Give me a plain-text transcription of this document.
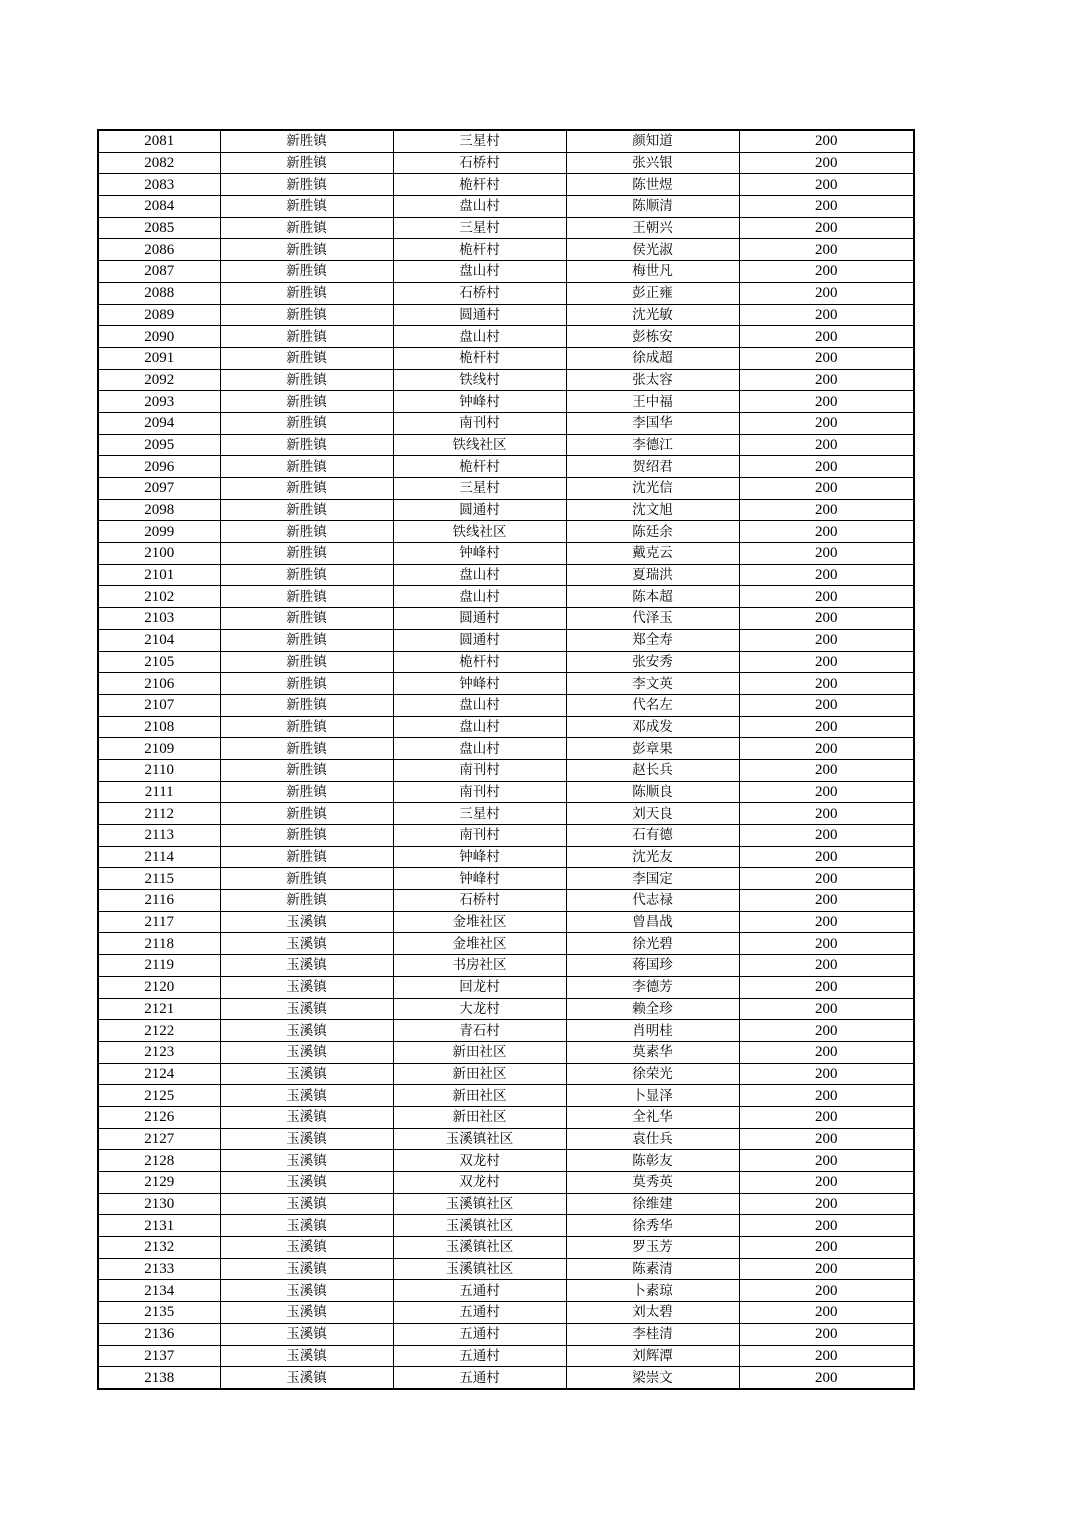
2081	新胜镇	三星村	颜知道	200
2082	新胜镇	石桥村	张兴银	200
2083	新胜镇	桅杆村	陈世煜	200
2084	新胜镇	盘山村	陈顺清	200
2085	新胜镇	三星村	王朝兴	200
2086	新胜镇	桅杆村	侯光淑	200
2087	新胜镇	盘山村	梅世凡	200
2088	新胜镇	石桥村	彭正雍	200
2089	新胜镇	圆通村	沈光敏	200
2090	新胜镇	盘山村	彭栋安	200
2091	新胜镇	桅杆村	徐成超	200
2092	新胜镇	铁线村	张太容	200
2093	新胜镇	钟峰村	王中福	200
2094	新胜镇	南刊村	李国华	200
2095	新胜镇	铁线社区	李德江	200
2096	新胜镇	桅杆村	贺绍君	200
2097	新胜镇	三星村	沈光信	200
2098	新胜镇	圆通村	沈文旭	200
2099	新胜镇	铁线社区	陈廷余	200
2100	新胜镇	钟峰村	戴克云	200
2101	新胜镇	盘山村	夏瑞洪	200
2102	新胜镇	盘山村	陈本超	200
2103	新胜镇	圆通村	代泽玉	200
2104	新胜镇	圆通村	郑全寿	200
2105	新胜镇	桅杆村	张安秀	200
2106	新胜镇	钟峰村	李文英	200
2107	新胜镇	盘山村	代名左	200
2108	新胜镇	盘山村	邓成发	200
2109	新胜镇	盘山村	彭章果	200
2110	新胜镇	南刊村	赵长兵	200
2111	新胜镇	南刊村	陈顺良	200
2112	新胜镇	三星村	刘天良	200
2113	新胜镇	南刊村	石有德	200
2114	新胜镇	钟峰村	沈光友	200
2115	新胜镇	钟峰村	李国定	200
2116	新胜镇	石桥村	代志禄	200
2117	玉溪镇	金堆社区	曾昌战	200
2118	玉溪镇	金堆社区	徐光碧	200
2119	玉溪镇	书房社区	蒋国珍	200
2120	玉溪镇	回龙村	李德芳	200
2121	玉溪镇	大龙村	赖全珍	200
2122	玉溪镇	青石村	肖明桂	200
2123	玉溪镇	新田社区	莫素华	200
2124	玉溪镇	新田社区	徐荣光	200
2125	玉溪镇	新田社区	卜显泽	200
2126	玉溪镇	新田社区	全礼华	200
2127	玉溪镇	玉溪镇社区	袁仕兵	200
2128	玉溪镇	双龙村	陈彰友	200
2129	玉溪镇	双龙村	莫秀英	200
2130	玉溪镇	玉溪镇社区	徐维建	200
2131	玉溪镇	玉溪镇社区	徐秀华	200
2132	玉溪镇	玉溪镇社区	罗玉芳	200
2133	玉溪镇	玉溪镇社区	陈素清	200
2134	玉溪镇	五通村	卜素琼	200
2135	玉溪镇	五通村	刘太碧	200
2136	玉溪镇	五通村	李桂清	200
2137	玉溪镇	五通村	刘辉潭	200
2138	玉溪镇	五通村	梁崇文	200
